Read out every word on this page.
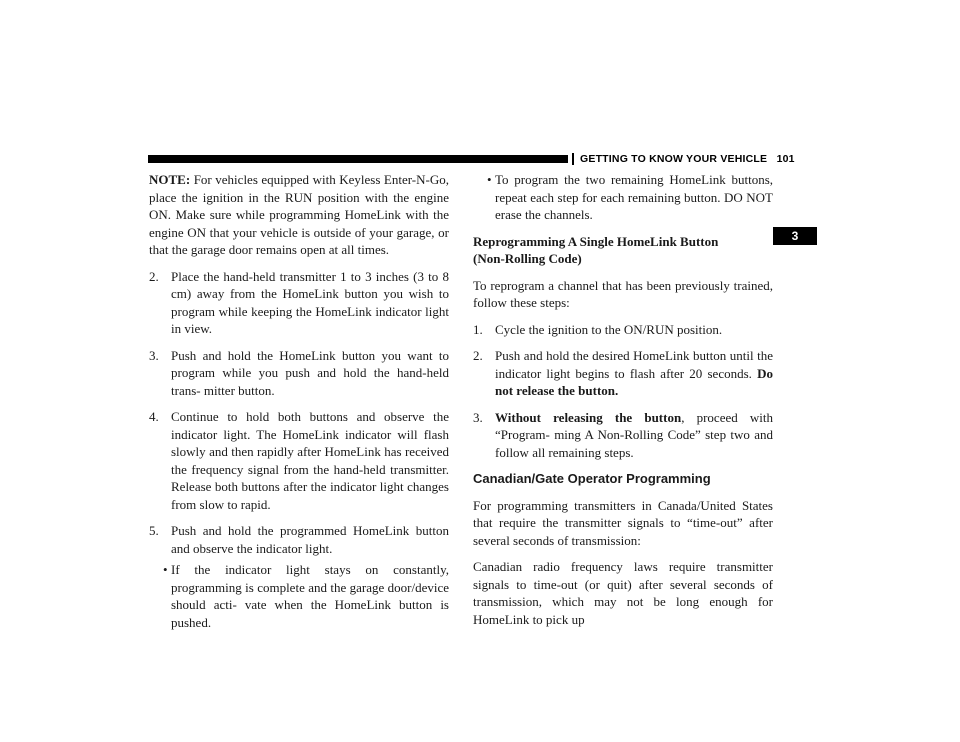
GETTING TO KNOW YOUR VEHICLE 101
3

NOTE: For vehicles equipped with Keyless Enter-N-Go, place the ignition in the RUN position with the engine ON. Make sure while programming HomeLink with the engine ON that your vehicle is outside of your garage, or that the garage door remains open at all times.

2. Place the hand-held transmitter 1 to 3 inches (3 to 8 cm) away from the HomeLink button you wish to program while keeping the HomeLink indicator light in view.
3. Push and hold the HomeLink button you want to program while you push and hold the hand-held trans- mitter button.
4. Continue to hold both buttons and observe the indicator light. The HomeLink indicator will flash slowly and then rapidly after HomeLink has received the frequency signal from the hand-held transmitter. Release both buttons after the indicator light changes from slow to rapid.
5. Push and hold the programmed HomeLink button and observe the indicator light.
• If the indicator light stays on constantly, programming is complete and the garage door/device should acti- vate when the HomeLink button is pushed.
• To program the two remaining HomeLink buttons, repeat each step for each remaining button. DO NOT erase the channels.
Reprogramming A Single HomeLink Button
(Non-Rolling Code)

To reprogram a channel that has been previously trained, follow these steps:

1. Cycle the ignition to the ON/RUN position.
2. Push and hold the desired HomeLink button until the indicator light begins to flash after 20 seconds. Do not release the button.
3. Without releasing the button, proceed with “Program- ming A Non-Rolling Code” step two and follow all remaining steps.
Canadian/Gate Operator Programming

For programming transmitters in Canada/United States that require the transmitter signals to “time-out” after several seconds of transmission:

Canadian radio frequency laws require transmitter signals to time-out (or quit) after several seconds of transmission, which may not be long enough for HomeLink to pick up
